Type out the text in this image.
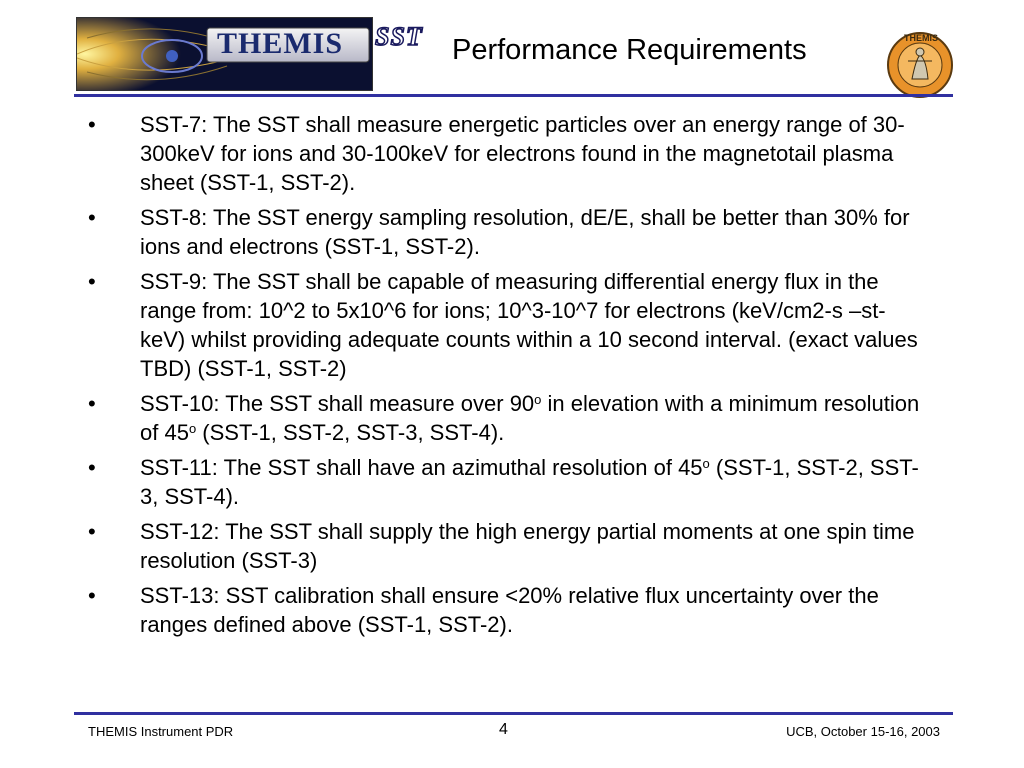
THEMIS SST Performance Requirements	THEMIS
• SST-7: The SST shall measure energetic particles over an energy range of 30-300keV for ions and 30-100keV for electrons found in the magnetotail plasma sheet (SST-1, SST-2).
• SST-8: The SST energy sampling resolution, dE/E, shall be better than 30% for ions and electrons (SST-1, SST-2).
• SST-9: The SST shall be capable of measuring differential energy flux in the range from: 10^2 to 5x10^6 for ions; 10^3-10^7 for electrons (keV/cm2-s –st- keV) whilst providing adequate counts within a 10 second interval. (exact values TBD) (SST-1, SST-2)
• SST-10: The SST shall measure over 90$^o$ in elevation with a minimum resolution of 45$^o$ (SST-1, SST-2, SST-3, SST-4).
• SST-11: The SST shall have an azimuthal resolution of 45$^o$ (SST-1, SST-2, SST-3, SST-4).
• SST-12: The SST shall supply the high energy partial moments at one spin time resolution (SST-3)
• SST-13: SST calibration shall ensure <20% relative flux uncertainty over the ranges defined above (SST-1, SST-2).
THEMIS Instrument PDR	4	UCB, October 15-16, 2003
